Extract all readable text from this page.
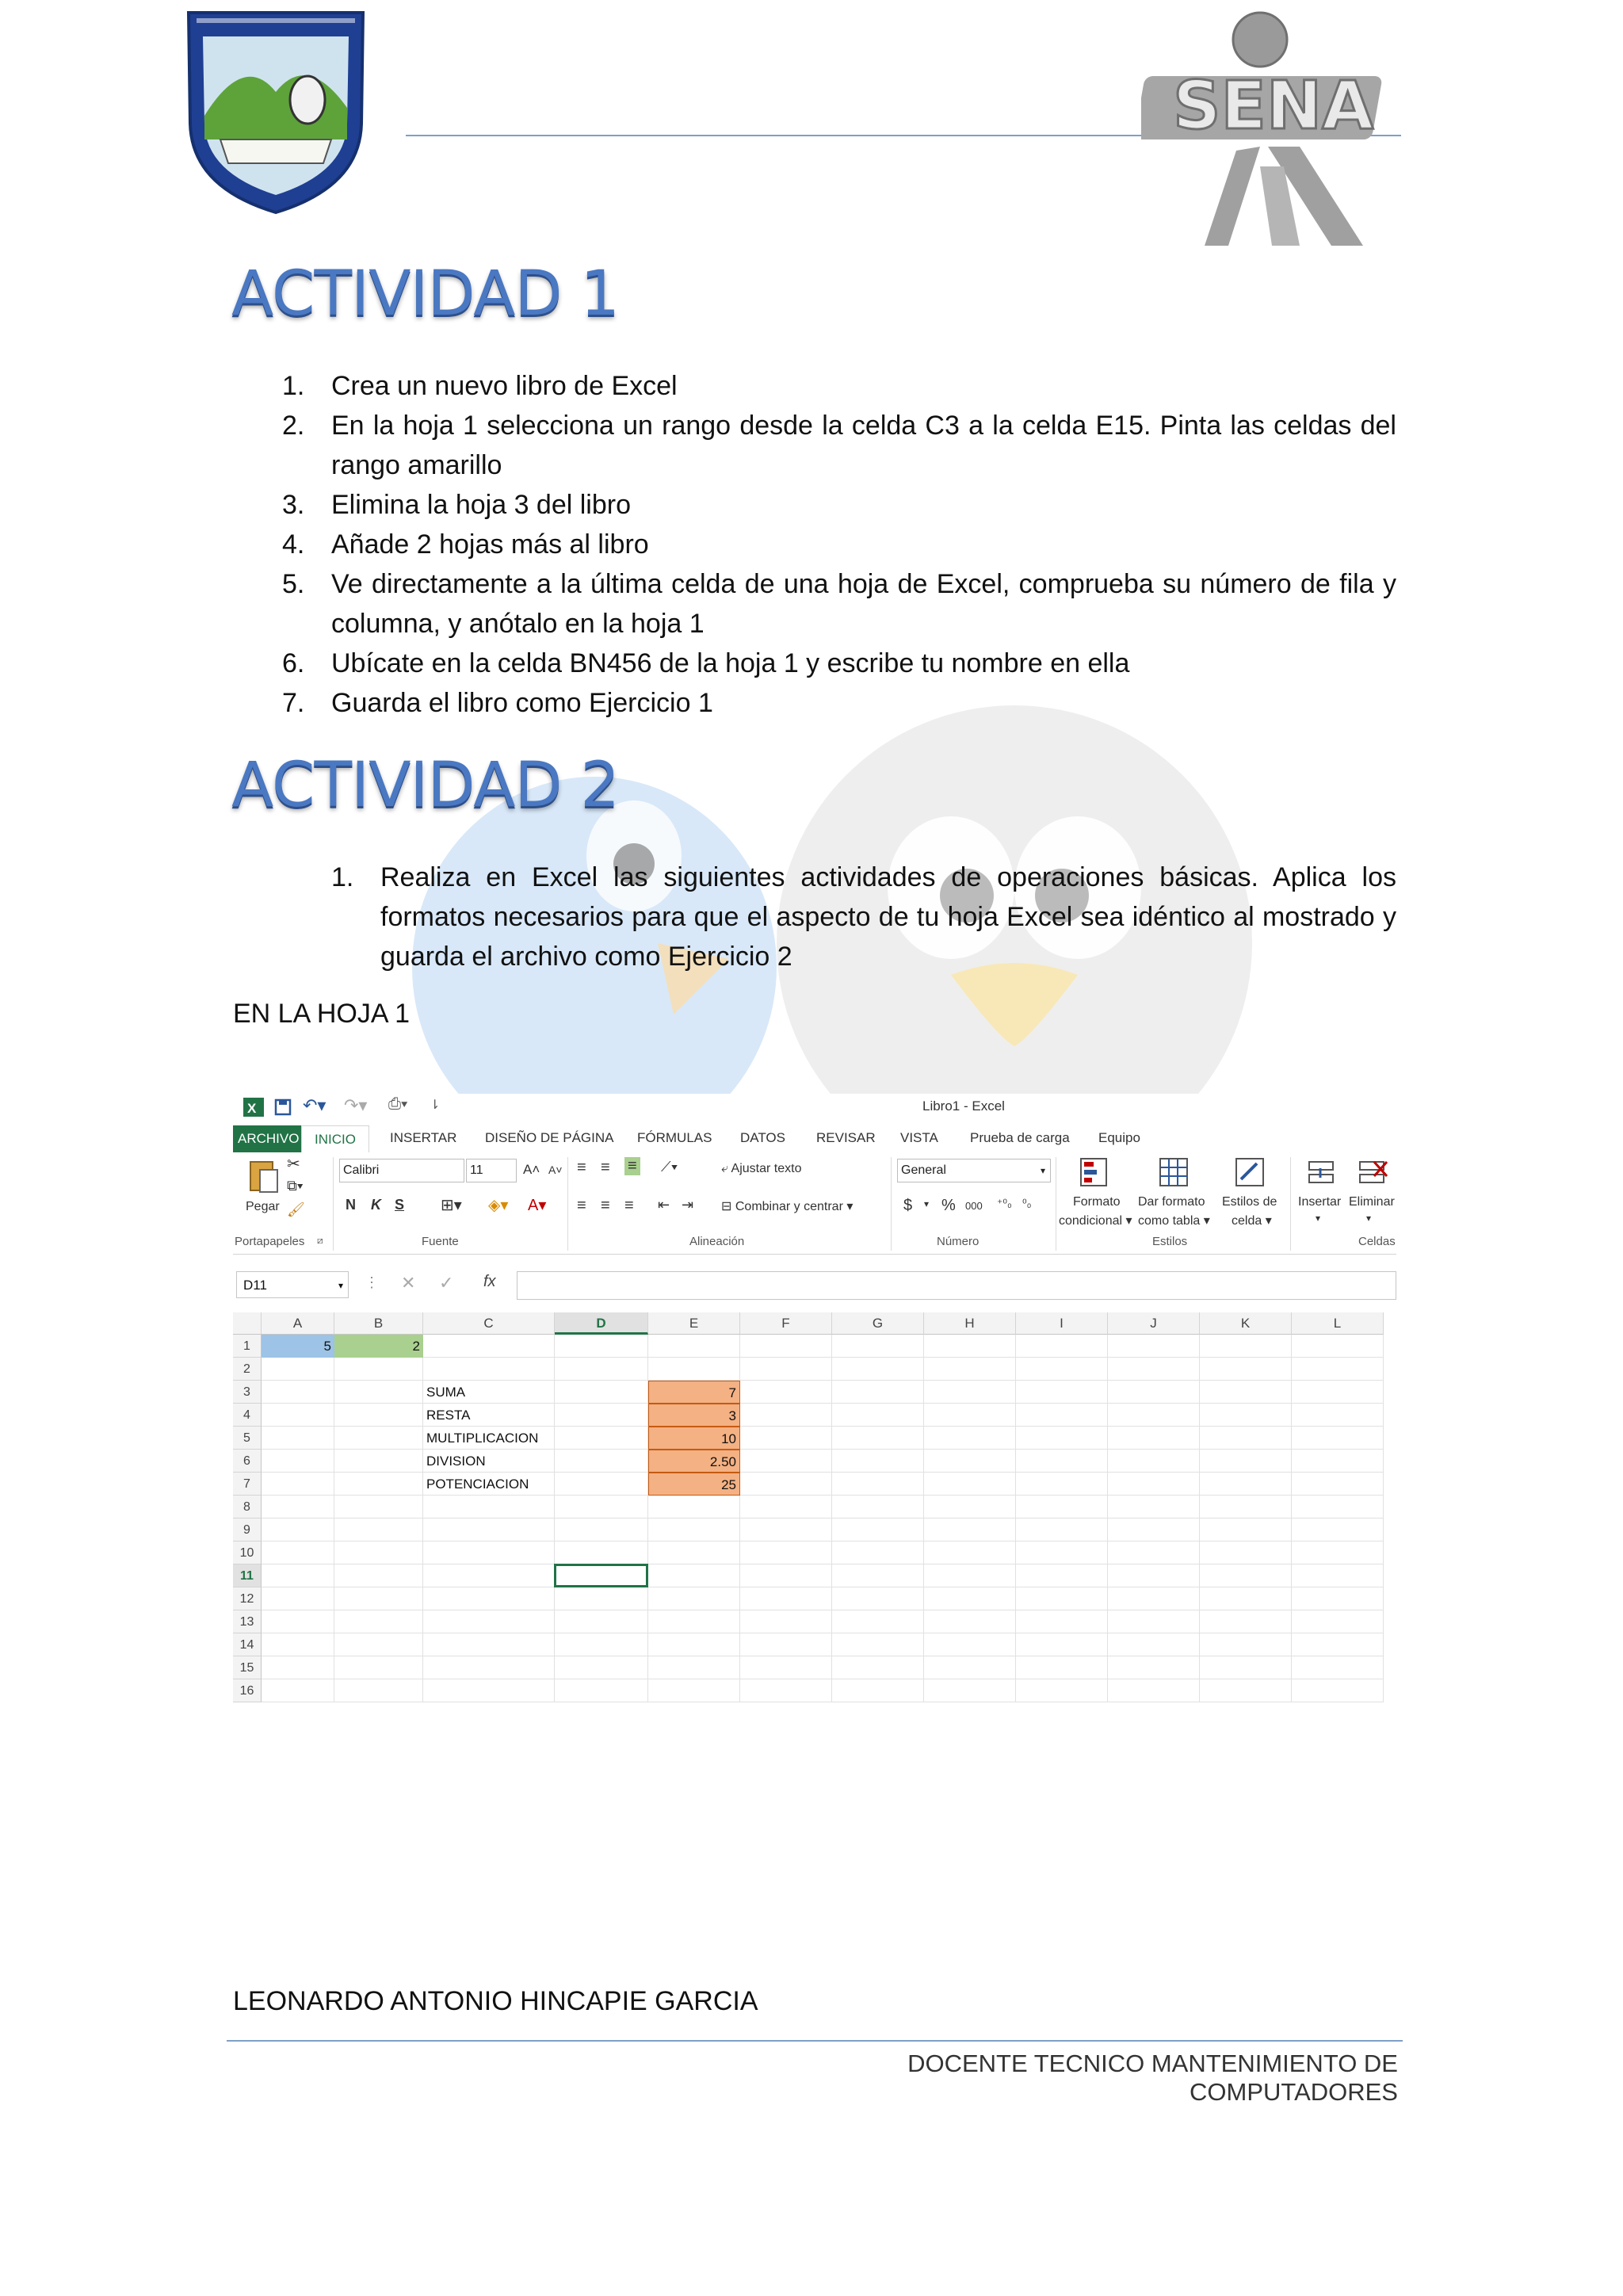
SENA
ACTIVIDAD 1
1. Crea un nuevo libro de Excel
2. En la hoja 1 selecciona un rango desde la celda C3 a la celda E15. Pinta las celdas del
rango amarillo
3. Elimina la hoja 3 del libro
4. Añade 2 hojas más al libro
5. Ve directamente a la última celda de una hoja de Excel, comprueba su número de fila y
columna, y anótalo en la hoja 1
6. Ubícate en la celda BN456 de la hoja 1 y escribe tu nombre en ella
7. Guarda el libro como Ejercicio 1
ACTIVIDAD 2
1. Realiza en Excel las siguientes actividades de operaciones básicas. Aplica los
formatos necesarios para que el aspecto de tu hoja Excel sea idéntico al mostrado y
guarda el archivo como Ejercicio 2
EN LA HOJA 1
X	↶▾ ↷▾ ⎙▾ ⇂	Libro1 - Excel
ARCHIVO	INICIO	INSERTAR DISEÑO DE PÁGINA FÓRMULAS DATOS REVISAR VISTA Prueba de carga Equipo
Pegar
✂
⧉▾
🖌
Portapapeles ⧄
Calibri	11	A˄ A˅
N K S ⊞▾ ◈▾ A▾
Fuente
≡ ≡ ≡ ⟋▾
≡ ≡ ≡ ⇤ ⇥
⤶ Ajustar texto
⊟ Combinar y centrar ▾
Alineación
General	▾
$ ▾ % 000 ⁺⁰₀ ⁰₀
Número
Formato
condicional ▾
Dar formato
como tabla ▾
Estilos de
celda ▾
Estilos
Insertar
▾
Eliminar
▾
Celdas
D11	▾ ⋮ ✕ ✓ fx
A	B	C	D	E	F	G	H	I	J	K	L
1
2
3
4
5
6
7
8
9
10
11
12
13
14
15
16
5	2
SUMA
RESTA
MULTIPLICACION
DIVISION
POTENCIACION
7
3
10
2.50
25
LEONARDO ANTONIO HINCAPIE GARCIA
DOCENTE TECNICO MANTENIMIENTO DE COMPUTADORES
